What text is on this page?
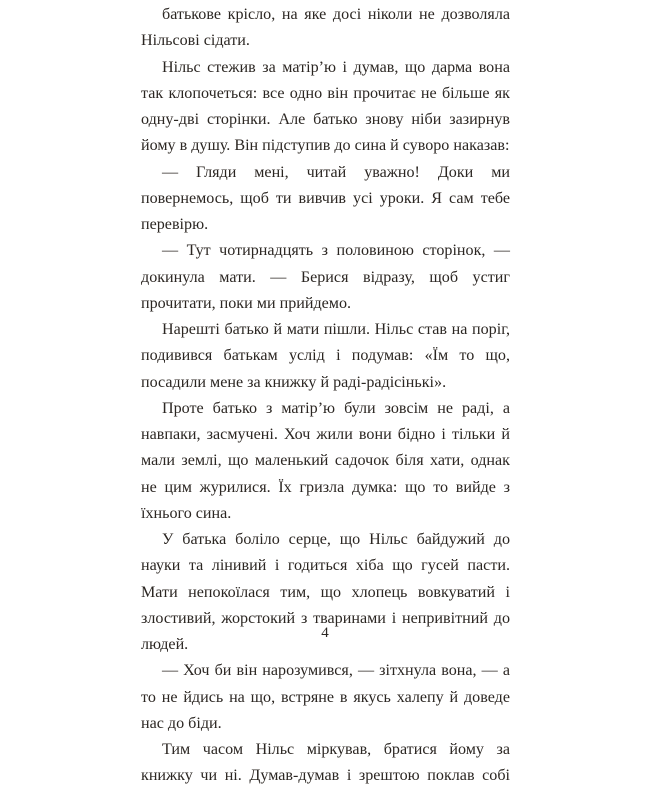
батькове крісло, на яке досі ніколи не дозволяла Нільсові сідати.

Нільс стежив за матір’ю і думав, що дарма вона так клопочеться: все одно він прочитає не більше як одну-дві сторінки. Але батько знову ніби зазирнув йому в душу. Він підступив до сина й суворо наказав:

— Гляди мені, читай уважно! Доки ми повернемось, щоб ти вивчив усі уроки. Я сам тебе перевірю.

— Тут чотирнадцять з половиною сторінок, — докинула мати. — Берися відразу, щоб устиг прочитати, поки ми прийдемо.

Нарешті батько й мати пішли. Нільс став на поріг, подивився батькам услід і подумав: «Їм то що, посадили мене за книжку й раді-радісінькі».

Проте батько з матір’ю були зовсім не раді, а навпаки, засмучені. Хоч жили вони бідно і тільки й мали землі, що маленький садочок біля хати, однак не цим журилися. Їх гризла думка: що то вийде з їхнього сина.

У батька боліло серце, що Нільс байдужий до науки та лінивий і годиться хіба що гусей пасти. Мати непокоїлася тим, що хлопець вовкуватий і злостивий, жорстокий з тваринами і непривітний до людей.

— Хоч би він нарозумився, — зітхнула вона, — а то не йдись на що, встряне в якусь халепу й доведе нас до біди.

Тим часом Нільс міркував, братися йому за книжку чи ні. Думав-думав і зрештою поклав собі

4
